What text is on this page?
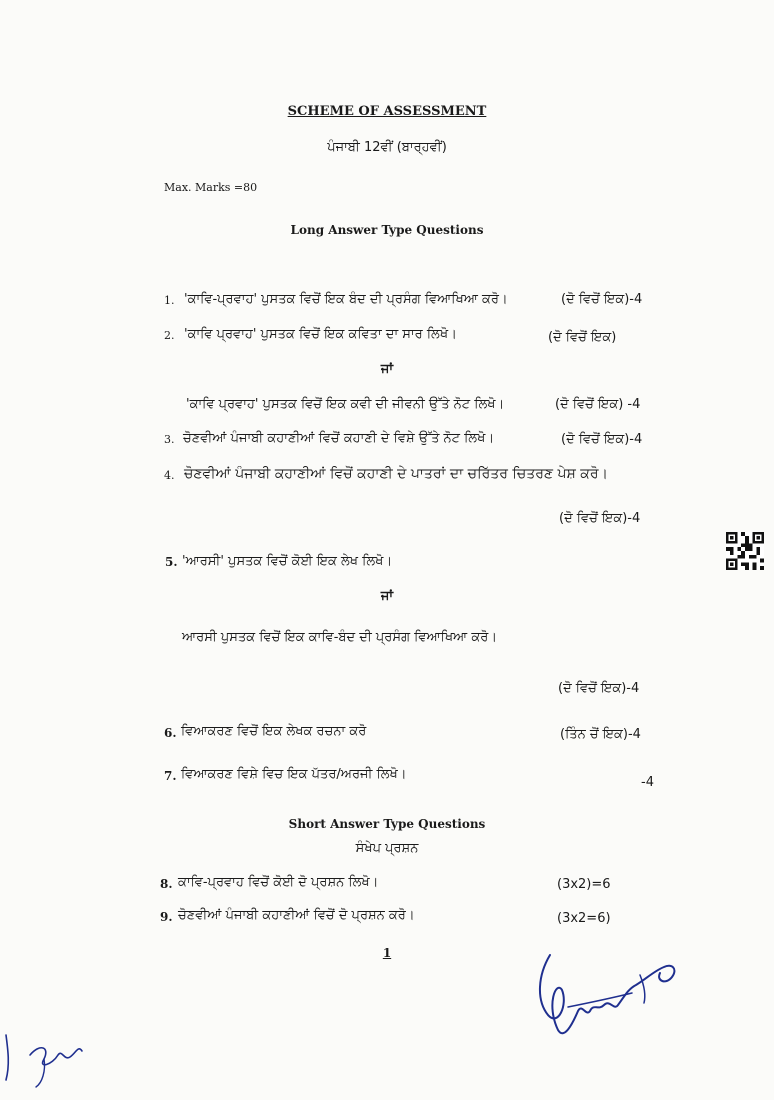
SCHEME OF ASSESSMENT
ਪੰਜਾਬੀ 12ਵੀਂ (ਬਾਰ੍ਹਵੀਂ)
Max. Marks =80
Long Answer Type Questions
1. 'ਕਾਵਿ-ਪ੍ਰਵਾਹ' ਪੁਸਤਕ ਵਿਚੋਂ ਇਕ ਬੰਦ ਦੀ ਪ੍ਰਸੰਗ ਵਿਆਖਿਆ ਕਰੋ।	(ਦੋ ਵਿਚੋਂ ਇਕ)-4
2. 'ਕਾਵਿ ਪ੍ਰਵਾਹ' ਪੁਸਤਕ ਵਿਚੋਂ ਇਕ ਕਵਿਤਾ ਦਾ ਸਾਰ ਲਿਖੋ।	(ਦੋ ਵਿਚੋਂ ਇਕ)
ਜਾਂ
'ਕਾਵਿ ਪ੍ਰਵਾਹ' ਪੁਸਤਕ ਵਿਚੋਂ ਇਕ ਕਵੀ ਦੀ ਜੀਵਨੀ ਉੱਤੇ ਨੋਟ ਲਿਖੋ।	(ਦੋ ਵਿਚੋਂ ਇਕ) -4
3. ਚੋਣਵੀਆਂ ਪੰਜਾਬੀ ਕਹਾਣੀਆਂ ਵਿਚੋਂ ਕਹਾਣੀ ਦੇ ਵਿਸ਼ੇ ਉੱਤੇ ਨੋਟ ਲਿਖੋ।	(ਦੋ ਵਿਚੋਂ ਇਕ)-4
4. ਚੋਣਵੀਆਂ ਪੰਜਾਬੀ ਕਹਾਣੀਆਂ ਵਿਚੋਂ ਕਹਾਣੀ ਦੇ ਪਾਤਰਾਂ ਦਾ ਚਰਿੱਤਰ ਚਿਤਰਣ ਪੇਸ਼ ਕਰੋ।
(ਦੋ ਵਿਚੋਂ ਇਕ)-4
5. 'ਆਰਸੀ' ਪੁਸਤਕ ਵਿਚੋਂ ਕੋਈ ਇਕ ਲੇਖ ਲਿਖੋ।
ਜਾਂ
ਆਰਸੀ ਪੁਸਤਕ ਵਿਚੋਂ ਇਕ ਕਾਵਿ-ਬੰਦ ਦੀ ਪ੍ਰਸੰਗ ਵਿਆਖਿਆ ਕਰੋ।
(ਦੋ ਵਿਚੋਂ ਇਕ)-4
6. ਵਿਆਕਰਣ ਵਿਚੋਂ ਇਕ ਲੇਖਕ ਰਚਨਾ ਕਰੋ	(ਤਿੰਨ ਚੋਂ ਇਕ)-4
7. ਵਿਆਕਰਣ ਵਿਸ਼ੇ ਵਿਚ ਇਕ ਪੱਤਰ/ਅਰਜੀ ਲਿਖੋ।
-4
Short Answer Type Questions
ਸੰਖੇਪ ਪ੍ਰਸ਼ਨ
8. ਕਾਵਿ-ਪ੍ਰਵਾਹ ਵਿਚੋਂ ਕੋਈ ਦੋ ਪ੍ਰਸ਼ਨ ਲਿਖੋ।	(3x2)=6
9. ਚੋਣਵੀਆਂ ਪੰਜਾਬੀ ਕਹਾਣੀਆਂ ਵਿਚੋਂ ਦੋ ਪ੍ਰਸ਼ਨ ਕਰੋ।	(3x2=6)
1
